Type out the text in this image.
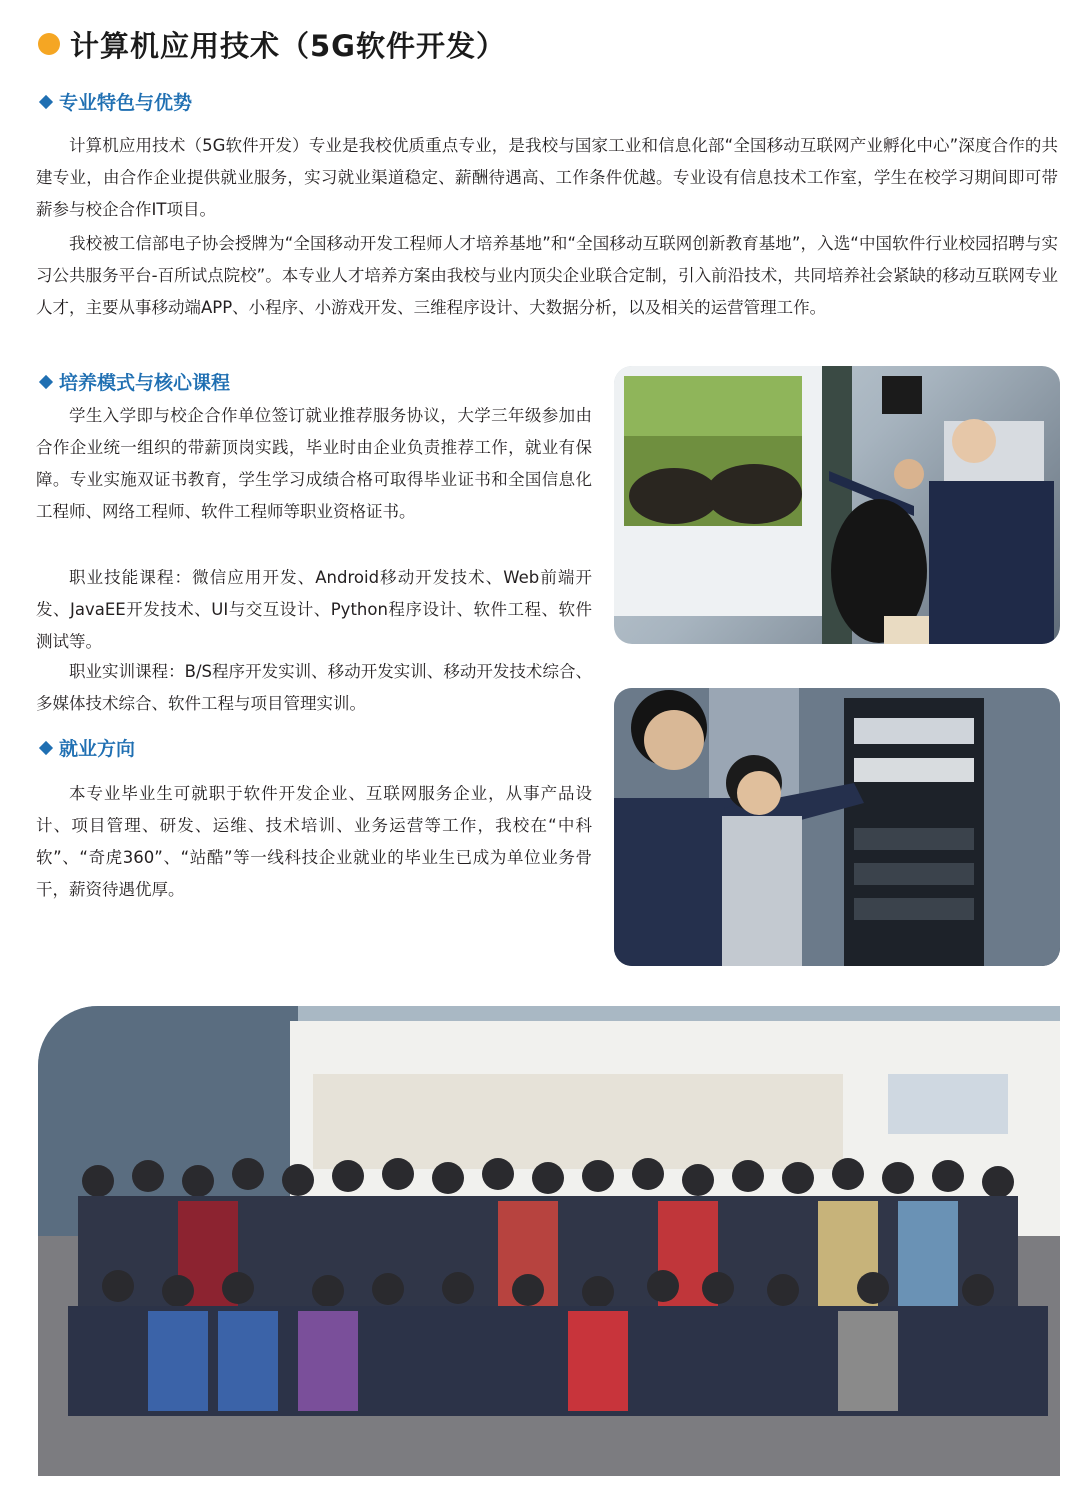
计算机应用技术（5G软件开发）
专业特色与优势

计算机应用技术（5G软件开发）专业是我校优质重点专业，是我校与国家工业和信息化部“全国移动互联网产业孵化中心”深度合作的共建专业，由合作企业提供就业服务，实习就业渠道稳定、薪酬待遇高、工作条件优越。专业设有信息技术工作室，学生在校学习期间即可带薪参与校企合作IT项目。

我校被工信部电子协会授牌为“全国移动开发工程师人才培养基地”和“全国移动互联网创新教育基地”，入选“中国软件行业校园招聘与实习公共服务平台-百所试点院校”。本专业人才培养方案由我校与业内顶尖企业联合定制，引入前沿技术，共同培养社会紧缺的移动互联网专业人才，主要从事移动端APP、小程序、小游戏开发、三维程序设计、大数据分析，以及相关的运营管理工作。

培养模式与核心课程

学生入学即与校企合作单位签订就业推荐服务协议，大学三年级参加由合作企业统一组织的带薪顶岗实践，毕业时由企业负责推荐工作，就业有保障。专业实施双证书教育，学生学习成绩合格可取得毕业证书和全国信息化工程师、网络工程师、软件工程师等职业资格证书。

职业技能课程：微信应用开发、Android移动开发技术、Web前端开发、JavaEE开发技术、UI与交互设计、Python程序设计、软件工程、软件测试等。

职业实训课程：B/S程序开发实训、移动开发实训、移动开发技术综合、多媒体技术综合、软件工程与项目管理实训。

就业方向

本专业毕业生可就职于软件开发企业、互联网服务企业，从事产品设计、项目管理、研发、运维、技术培训、业务运营等工作，我校在“中科软”、“奇虎360”、“站酷”等一线科技企业就业的毕业生已成为单位业务骨干，薪资待遇优厚。
